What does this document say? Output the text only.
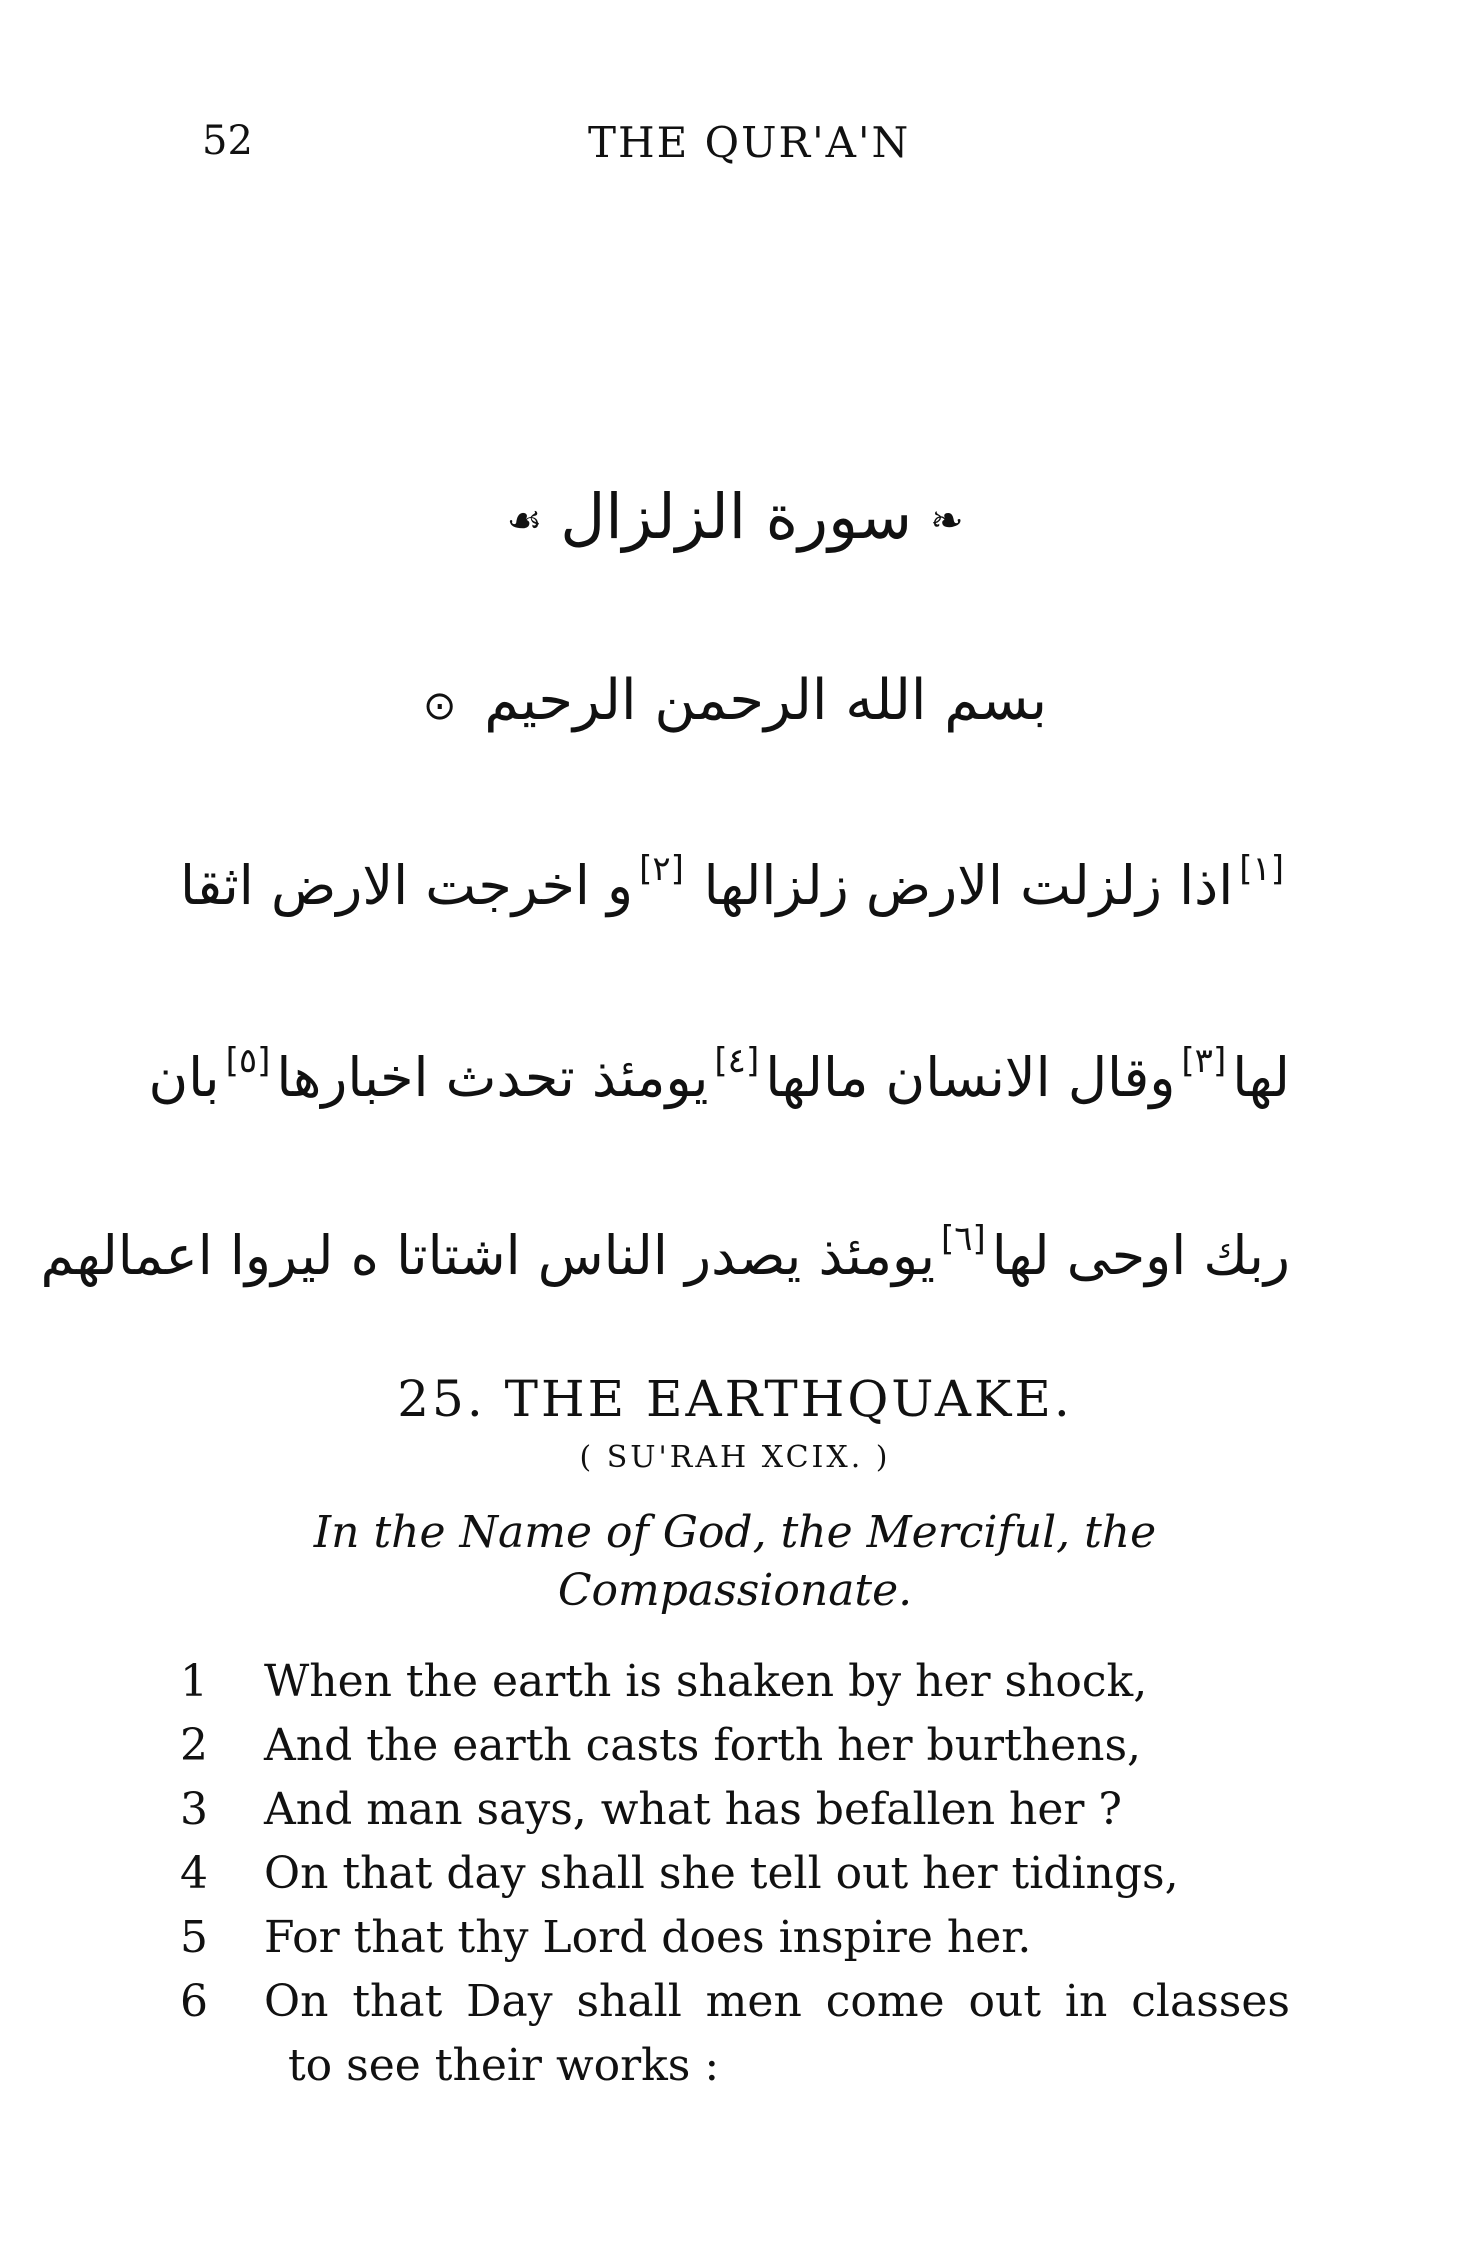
52	THE QUR'A'N
❧سورة الزلزال☙
بسم الله الرحمن الرحيم ⊙
[١]اذا زلزلت الارض زلزالها
[٢]و اخرجت الارض اثقا
لها
[٣]وقال الانسان مالها
[٤]يومئذ تحدث اخبارها
[٥]بان
ربك اوحى لها
[٦]يومئذ يصدر الناس اشتاتا ه ليروا اعمالهم
25. THE EARTHQUAKE.
( SU'RAH XCIX. )
In the Name of God, the Merciful, the Compassionate.
1	When the earth is shaken by her shock,
2	And the earth casts forth her burthens,
3	And man says, what has befallen her ?
4	On that day shall she tell out her tidings,
5	For that thy Lord does inspire her.
6	On that Day shall men come out in classes
to see their works :
